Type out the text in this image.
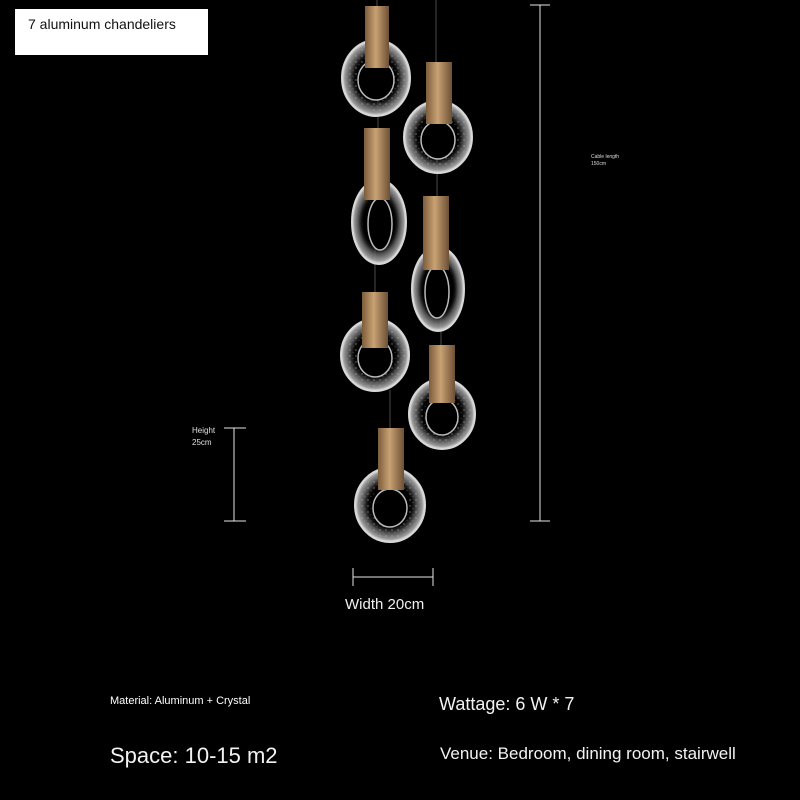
7 aluminum chandeliers
Cable length
150cm
Height
25cm
Width 20cm
Material: Aluminum + Crystal	Wattage: 6 W * 7
Space: 10-15 m2	Venue: Bedroom, dining room, stairwell
